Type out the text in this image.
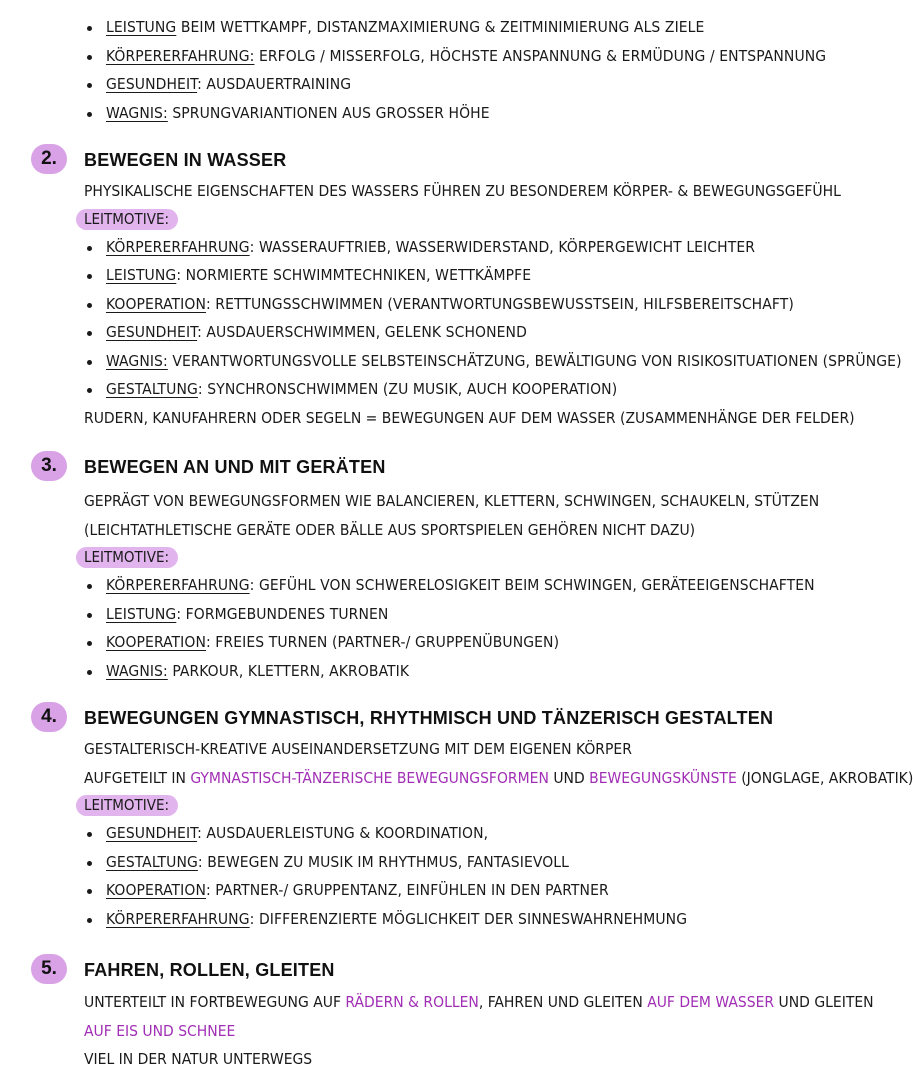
LEISTUNG BEIM WETTKAMPF, DISTANZMAXIMIERUNG & ZEITMINIMIERUNG ALS ZIELE
KÖRPERERFAHRUNG: ERFOLG / MISSERFOLG, HÖCHSTE ANSPANNUNG & ERMÜDUNG / ENTSPANNUNG
GESUNDHEIT: AUSDAUERTRAINING
WAGNIS: SPRUNGVARIANTIONEN AUS GROSSER HÖHE
2.	BEWEGEN IN WASSER
PHYSIKALISCHE EIGENSCHAFTEN DES WASSERS FÜHREN ZU BESONDEREM KÖRPER- & BEWEGUNGSGEFÜHL
LEITMOTIVE:
KÖRPERERFAHRUNG: WASSERAUFTRIEB, WASSERWIDERSTAND, KÖRPERGEWICHT LEICHTER
LEISTUNG: NORMIERTE SCHWIMMTECHNIKEN, WETTKÄMPFE
KOOPERATION: RETTUNGSSCHWIMMEN (VERANTWORTUNGSBEWUSSTSEIN, HILFSBEREITSCHAFT)
GESUNDHEIT: AUSDAUERSCHWIMMEN, GELENK SCHONEND
WAGNIS: VERANTWORTUNGSVOLLE SELBSTEINSCHÄTZUNG, BEWÄLTIGUNG VON RISIKOSITUATIONEN (SPRÜNGE)
GESTALTUNG: SYNCHRONSCHWIMMEN (ZU MUSIK, AUCH KOOPERATION)
RUDERN, KANUFAHRERN ODER SEGELN = BEWEGUNGEN AUF DEM WASSER (ZUSAMMENHÄNGE DER FELDER)
3.	BEWEGEN AN UND MIT GERÄTEN
GEPRÄGT VON BEWEGUNGSFORMEN WIE BALANCIEREN, KLETTERN, SCHWINGEN, SCHAUKELN, STÜTZEN
(LEICHTATHLETISCHE GERÄTE ODER BÄLLE AUS SPORTSPIELEN GEHÖREN NICHT DAZU)
LEITMOTIVE:
KÖRPERERFAHRUNG: GEFÜHL VON SCHWERELOSIGKEIT BEIM SCHWINGEN, GERÄTEEIGENSCHAFTEN
LEISTUNG: FORMGEBUNDENES TURNEN
KOOPERATION: FREIES TURNEN (PARTNER-/ GRUPPENÜBUNGEN)
WAGNIS: PARKOUR, KLETTERN, AKROBATIK
4.	BEWEGUNGEN GYMNASTISCH, RHYTHMISCH UND TÄNZERISCH GESTALTEN
GESTALTERISCH-KREATIVE AUSEINANDERSETZUNG MIT DEM EIGENEN KÖRPER
AUFGETEILT IN GYMNASTISCH-TÄNZERISCHE BEWEGUNGSFORMEN UND BEWEGUNGSKÜNSTE (JONGLAGE, AKROBATIK)
LEITMOTIVE:
GESUNDHEIT: AUSDAUERLEISTUNG & KOORDINATION,
GESTALTUNG: BEWEGEN ZU MUSIK IM RHYTHMUS, FANTASIEVOLL
KOOPERATION: PARTNER-/ GRUPPENTANZ, EINFÜHLEN IN DEN PARTNER
KÖRPERERFAHRUNG: DIFFERENZIERTE MÖGLICHKEIT DER SINNESWAHRNEHMUNG
5.	FAHREN, ROLLEN, GLEITEN
UNTERTEILT IN FORTBEWEGUNG AUF RÄDERN & ROLLEN, FAHREN UND GLEITEN AUF DEM WASSER UND GLEITEN
AUF EIS UND SCHNEE
VIEL IN DER NATUR UNTERWEGS
